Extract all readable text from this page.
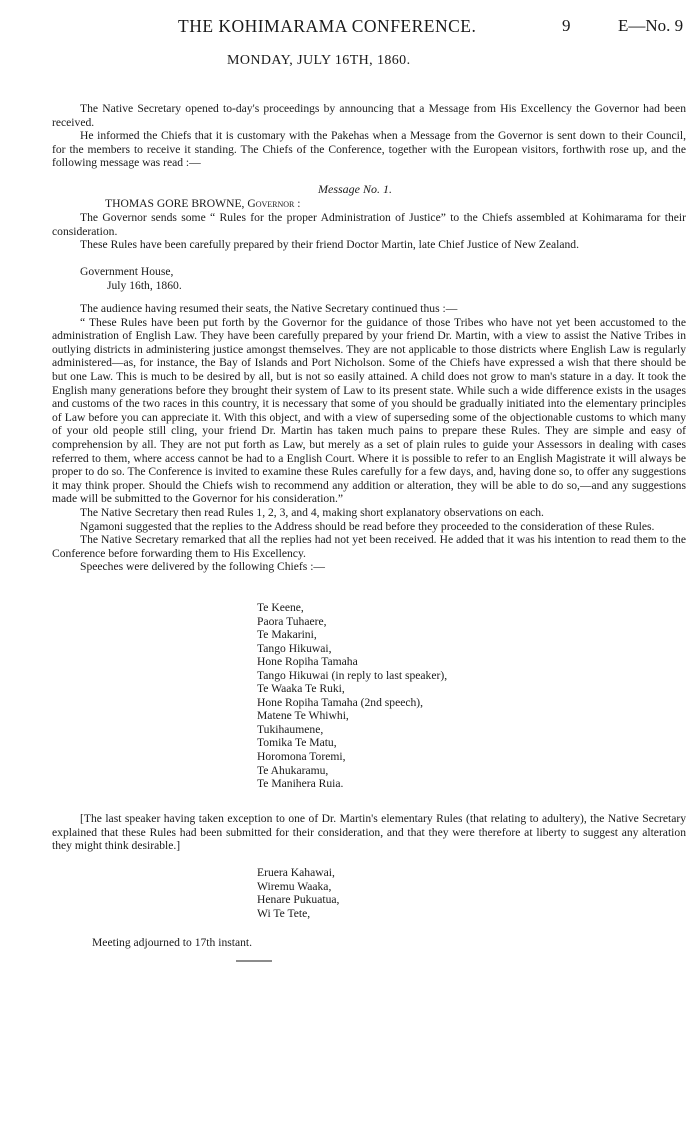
THE KOHIMARAMA CONFERENCE.	9	E—No. 9
MONDAY, JULY 16TH, 1860.

The Native Secretary opened to-day's proceedings by announcing that a Message from His Excellency the Governor had been received.

He informed the Chiefs that it is customary with the Pakehas when a Message from the Governor is sent down to their Council, for the members to receive it standing. The Chiefs of the Conference, together with the European visitors, forthwith rose up, and the following message was read :—

Message No. 1.
THOMAS GORE BROWNE, Governor :

The Governor sends some “ Rules for the proper Administration of Justice” to the Chiefs assembled at Kohimarama for their consideration.

These Rules have been carefully prepared by their friend Doctor Martin, late Chief Justice of New Zealand.

Government House,
July 16th, 1860.

The audience having resumed their seats, the Native Secretary continued thus :—

“ These Rules have been put forth by the Governor for the guidance of those Tribes who have not yet been accustomed to the administration of English Law. They have been carefully prepared by your friend Dr. Martin, with a view to assist the Native Tribes in outlying districts in administering justice amongst themselves. They are not applicable to those districts where English Law is regularly administered—as, for instance, the Bay of Islands and Port Nicholson. Some of the Chiefs have expressed a wish that there should be but one Law. This is much to be desired by all, but is not so easily attained. A child does not grow to man's stature in a day. It took the English many generations before they brought their system of Law to its present state. While such a wide difference exists in the usages and customs of the two races in this country, it is necessary that some of you should be gradually initiated into the elementary principles of Law before you can appreciate it. With this object, and with a view of superseding some of the objectionable customs to which many of your old people still cling, your friend Dr. Martin has taken much pains to prepare these Rules. They are simple and easy of comprehension by all. They are not put forth as Law, but merely as a set of plain rules to guide your Assessors in dealing with cases referred to them, where access cannot be had to a English Court. Where it is possible to refer to an English Magistrate it will always be proper to do so. The Conference is invited to examine these Rules carefully for a few days, and, having done so, to offer any suggestions it may think proper. Should the Chiefs wish to recommend any addition or alteration, they will be able to do so,—and any suggestions made will be submitted to the Governor for his consideration.”

The Native Secretary then read Rules 1, 2, 3, and 4, making short explanatory observations on each.

Ngamoni suggested that the replies to the Address should be read before they proceeded to the consideration of these Rules.

The Native Secretary remarked that all the replies had not yet been received. He added that it was his intention to read them to the Conference before forwarding them to His Excellency.

Speeches were delivered by the following Chiefs :—

Te Keene,
Paora Tuhaere,
Te Makarini,
Tango Hikuwai,
Hone Ropiha Tamaha
Tango Hikuwai (in reply to last speaker),
Te Waaka Te Ruki,
Hone Ropiha Tamaha (2nd speech),
Matene Te Whiwhi,
Tukihaumene,
Tomika Te Matu,
Horomona Toremi,
Te Ahukaramu,
Te Manihera Ruia.

[The last speaker having taken exception to one of Dr. Martin's elementary Rules (that relating to adultery), the Native Secretary explained that these Rules had been submitted for their consideration, and that they were therefore at liberty to suggest any alteration they might think desirable.]

Eruera Kahawai,
Wiremu Waaka,
Henare Pukuatua,
Wi Te Tete,
Meeting adjourned to 17th instant.
